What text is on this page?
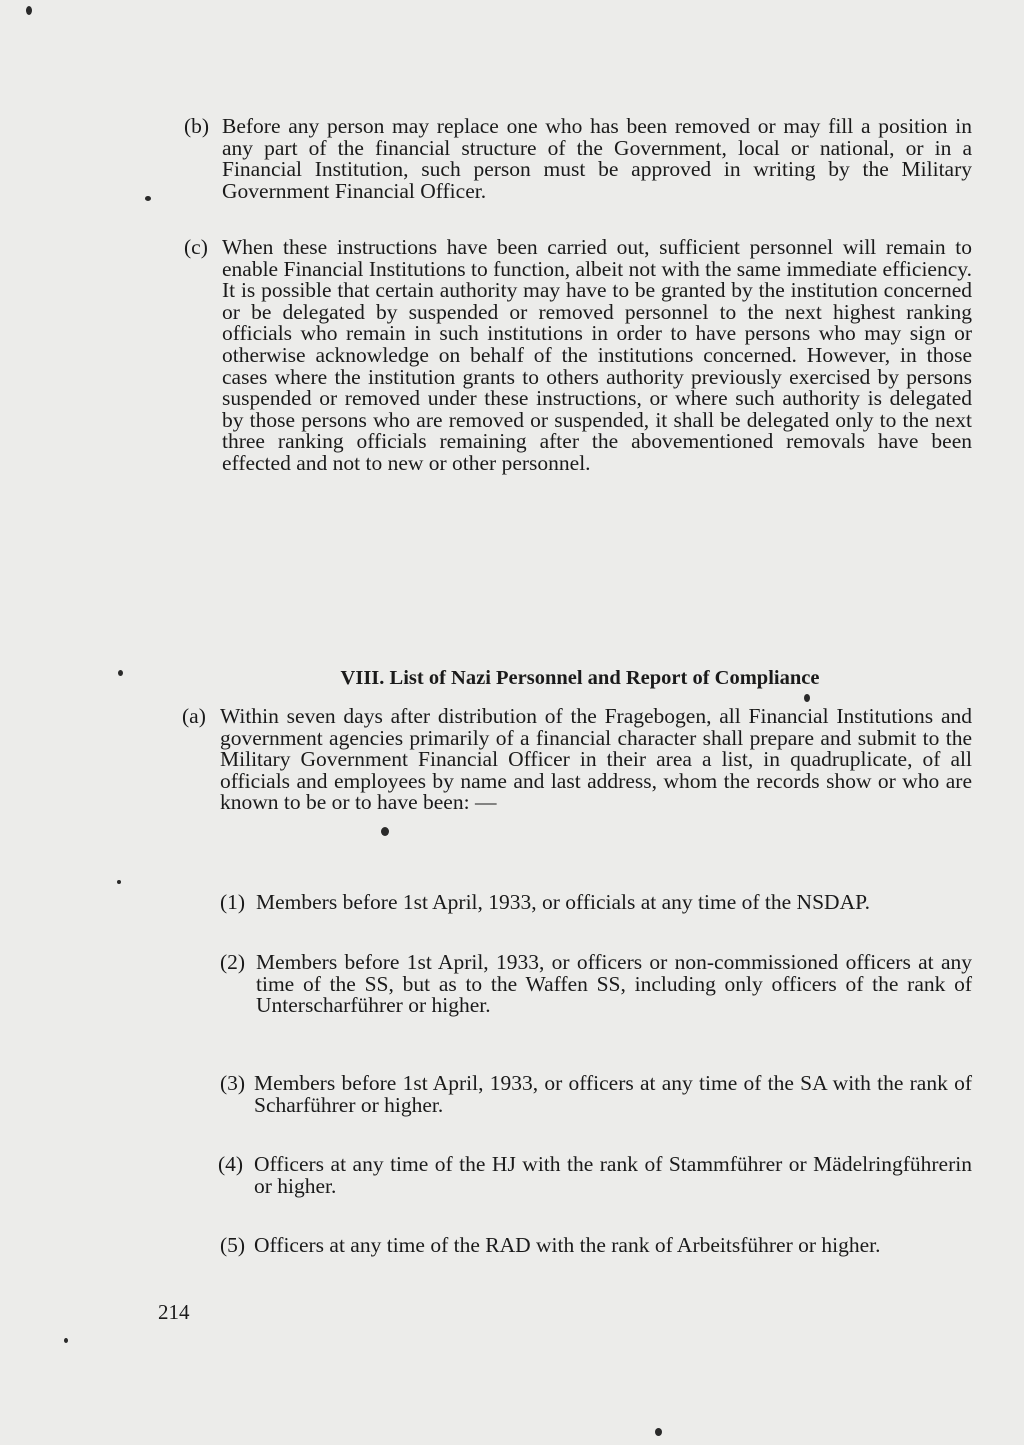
(b) Before any person may replace one who has been removed or may fill a position in any part of the financial structure of the Government, local or national, or in a Financial Institution, such person must be approved in writing by the Military Government Financial Officer.
(c) When these instructions have been carried out, sufficient personnel will remain to enable Financial Institutions to function, albeit not with the same immediate efficiency. It is possible that certain authority may have to be granted by the institution concerned or be delegated by suspended or removed personnel to the next highest ranking officials who remain in such institutions in order to have persons who may sign or otherwise acknowledge on behalf of the institutions concerned. However, in those cases where the institution grants to others authority previously exercised by persons suspended or removed under these instructions, or where such authority is delegated by those persons who are removed or suspended, it shall be delegated only to the next three ranking officials remaining after the abovementioned removals have been effected and not to new or other personnel.
VIII. List of Nazi Personnel and Report of Compliance
(a) Within seven days after distribution of the Fragebogen, all Financial Institutions and government agencies primarily of a financial character shall prepare and submit to the Military Government Financial Officer in their area a list, in quadruplicate, of all officials and employees by name and last address, whom the records show or who are known to be or to have been: —
(1) Members before 1st April, 1933, or officials at any time of the NSDAP.
(2) Members before 1st April, 1933, or officers or non-commissioned officers at any time of the SS, but as to the Waffen SS, including only officers of the rank of Unterscharführer or higher.
(3) Members before 1st April, 1933, or officers at any time of the SA with the rank of Scharführer or higher.
(4) Officers at any time of the HJ with the rank of Stammführer or Mädelringführerin or higher.
(5) Officers at any time of the RAD with the rank of Arbeitsführer or higher.
214
